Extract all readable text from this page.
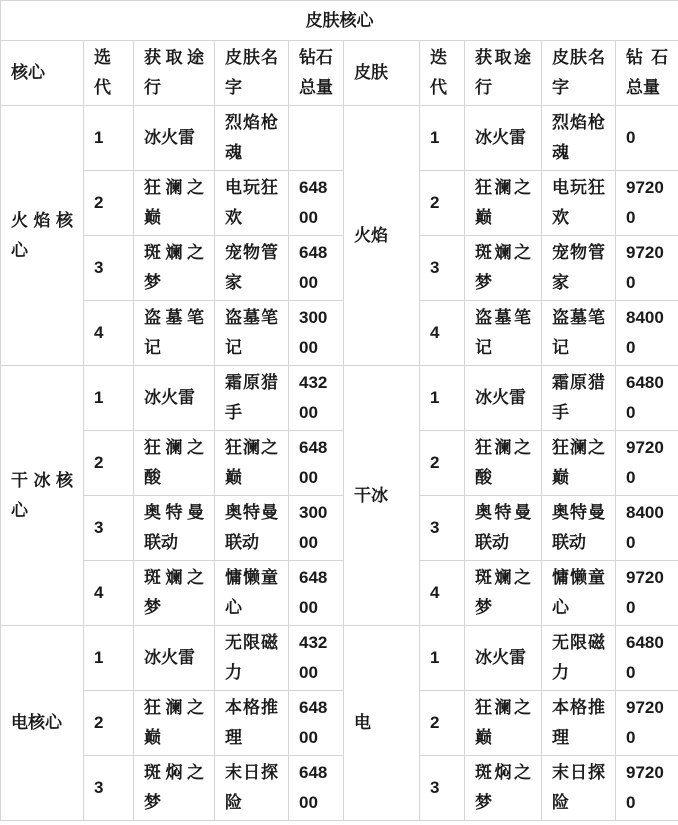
皮肤核心									
核心	选代	获取途行	皮肤名字	钻石总量	皮肤	迭代	获取途行	皮肤名字	钻石总量
火焰核心	1	冰火雷	烈焰枪魂		火焰	1	冰火雷	烈焰枪魂	0
	2	狂澜之巅	电玩狂欢	64800		2	狂澜之巅	电玩狂欢	97200
	3	斑斓之梦	宠物管家	64800		3	斑斓之梦	宠物管家	97200
	4	盗墓笔记	盗墓笔记	30000		4	盗墓笔记	盗墓笔记	84000
干冰核心	1	冰火雷	霜原猎手	43200	干冰	1	冰火雷	霜原猎手	64800
	2	狂澜之酸	狂澜之巅	64800		2	狂澜之酸	狂澜之巅	97200
	3	奥特曼联动	奥特曼联动	30000		3	奥特曼联动	奥特曼联动	84000
	4	斑斓之梦	慵懒童心	64800		4	斑斓之梦	慵懒童心	97200
电核心	1	冰火雷	无限磁力	43200	电	1	冰火雷	无限磁力	64800
	2	狂澜之巅	本格推理	64800		2	狂澜之巅	本格推理	97200
	3	斑焖之梦	末日探险	64800		3	斑焖之梦	末日探险	97200
